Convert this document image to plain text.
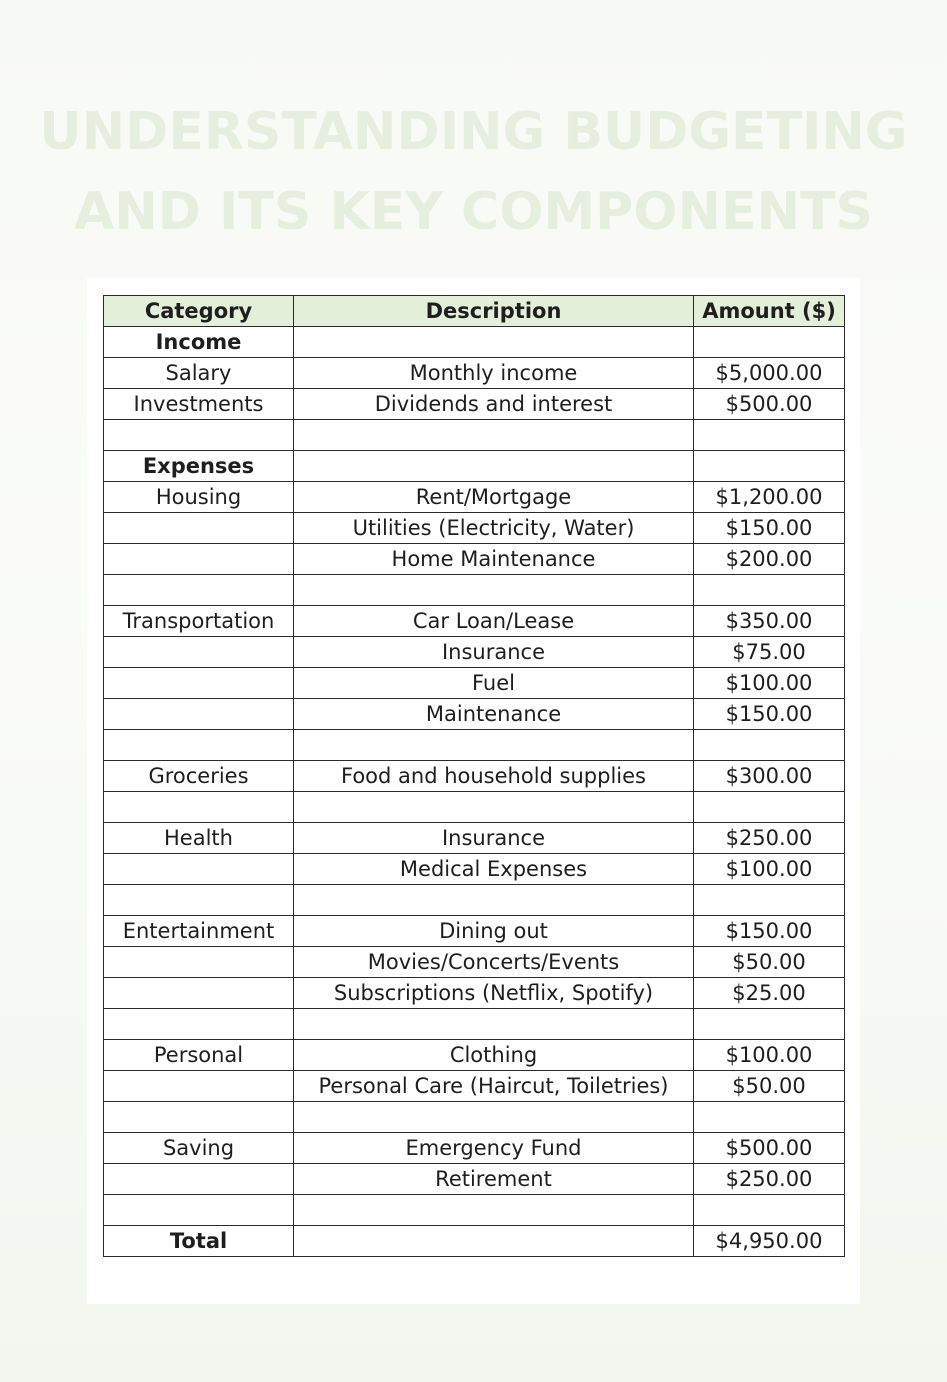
UNDERSTANDING BUDGETING
AND ITS KEY COMPONENTS
Category	Description	Amount ($)
Income		
Salary	Monthly income	$5,000.00
Investments	Dividends and interest	$500.00

Expenses		
Housing	Rent/Mortgage	$1,200.00
	Utilities (Electricity, Water)	$150.00
	Home Maintenance	$200.00

Transportation	Car Loan/Lease	$350.00
	Insurance	$75.00
	Fuel	$100.00
	Maintenance	$150.00

Groceries	Food and household supplies	$300.00

Health	Insurance	$250.00
	Medical Expenses	$100.00

Entertainment	Dining out	$150.00
	Movies/Concerts/Events	$50.00
	Subscriptions (Netflix, Spotify)	$25.00

Personal	Clothing	$100.00
	Personal Care (Haircut, Toiletries)	$50.00

Saving	Emergency Fund	$500.00
	Retirement	$250.00

Total		$4,950.00
